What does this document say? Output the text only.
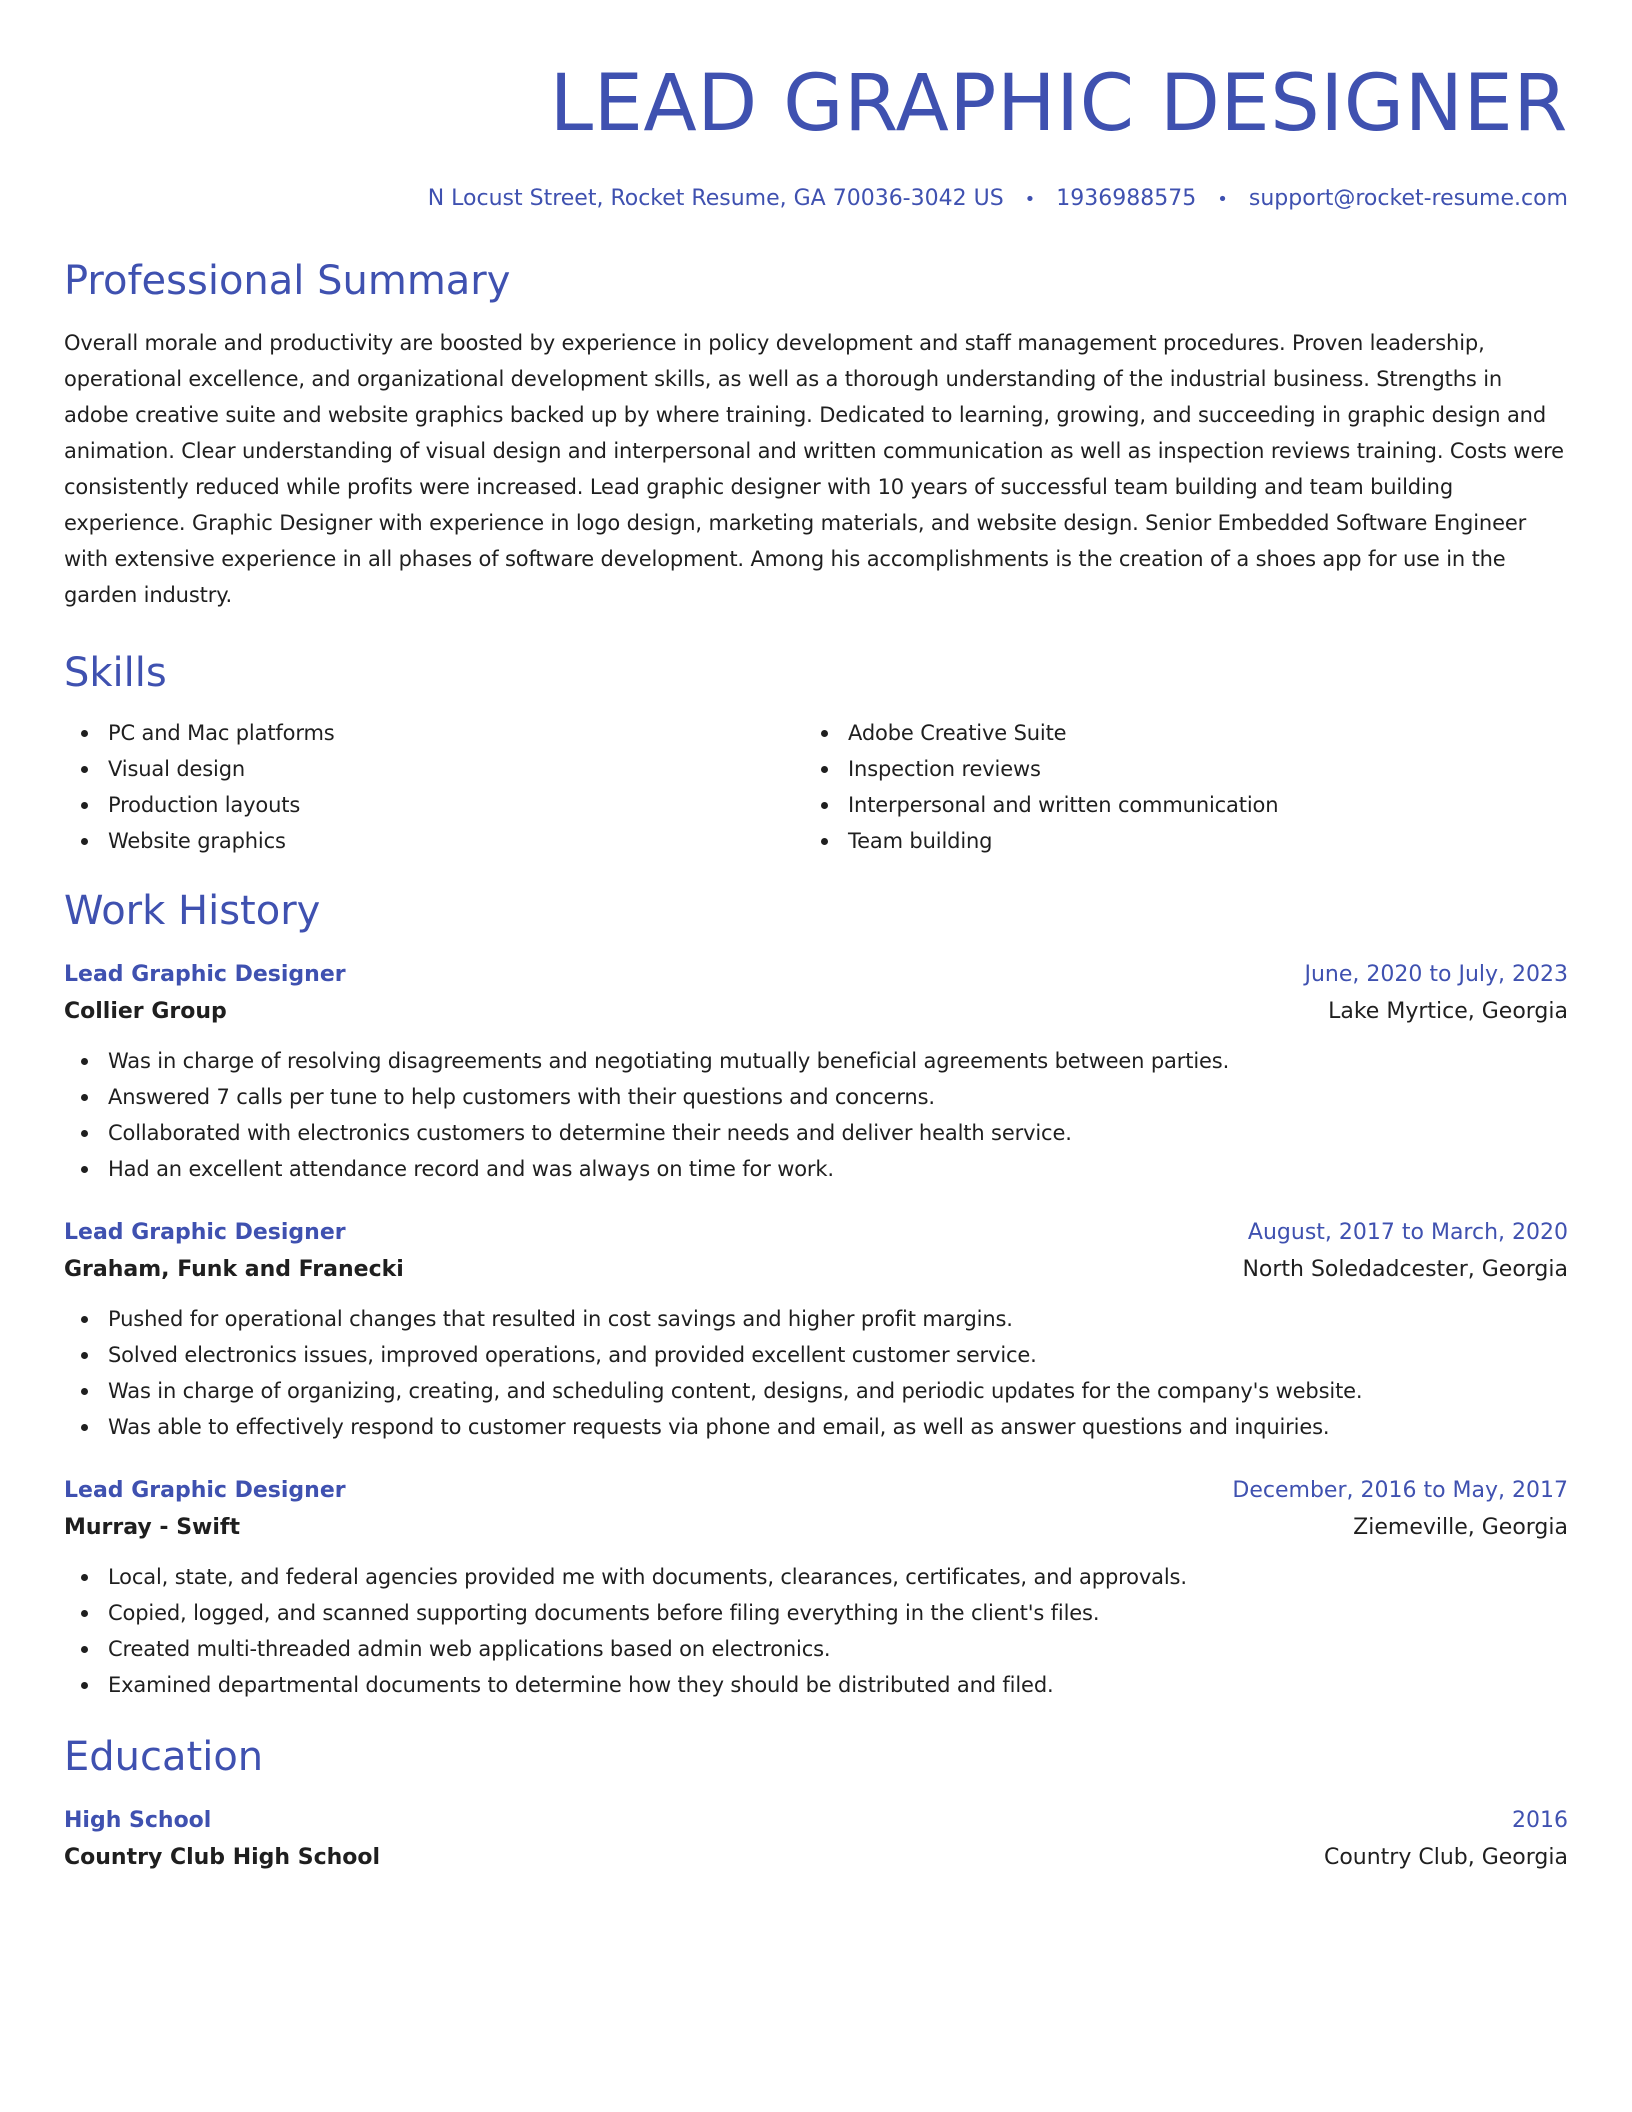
LEAD GRAPHIC DESIGNER
N Locust Street, Rocket Resume, GA 70036-3042 US • 1936988575 • support@rocket-resume.com
Professional Summary

Overall morale and productivity are boosted by experience in policy development and staff management procedures. Proven leadership, operational excellence, and organizational development skills, as well as a thorough understanding of the industrial business. Strengths in adobe creative suite and website graphics backed up by where training. Dedicated to learning, growing, and succeeding in graphic design and animation. Clear understanding of visual design and interpersonal and written communication as well as inspection reviews training. Costs were consistently reduced while profits were increased. Lead graphic designer with 10 years of successful team building and team building experience. Graphic Designer with experience in logo design, marketing materials, and website design. Senior Embedded Software Engineer with extensive experience in all phases of software development. Among his accomplishments is the creation of a shoes app for use in the garden industry.

Skills
PC and Mac platforms
Visual design
Production layouts
Website graphics
Adobe Creative Suite
Inspection reviews
Interpersonal and written communication
Team building
Work History
Lead Graphic Designer	June, 2020 to July, 2023
Collier Group	Lake Myrtice, Georgia
Was in charge of resolving disagreements and negotiating mutually beneficial agreements between parties.
Answered 7 calls per tune to help customers with their questions and concerns.
Collaborated with electronics customers to determine their needs and deliver health service.
Had an excellent attendance record and was always on time for work.
Lead Graphic Designer	August, 2017 to March, 2020
Graham, Funk and Franecki	North Soledadcester, Georgia
Pushed for operational changes that resulted in cost savings and higher profit margins.
Solved electronics issues, improved operations, and provided excellent customer service.
Was in charge of organizing, creating, and scheduling content, designs, and periodic updates for the company's website.
Was able to effectively respond to customer requests via phone and email, as well as answer questions and inquiries.
Lead Graphic Designer	December, 2016 to May, 2017
Murray - Swift	Ziemeville, Georgia
Local, state, and federal agencies provided me with documents, clearances, certificates, and approvals.
Copied, logged, and scanned supporting documents before filing everything in the client's files.
Created multi-threaded admin web applications based on electronics.
Examined departmental documents to determine how they should be distributed and filed.
Education
High School	2016
Country Club High School	Country Club, Georgia
